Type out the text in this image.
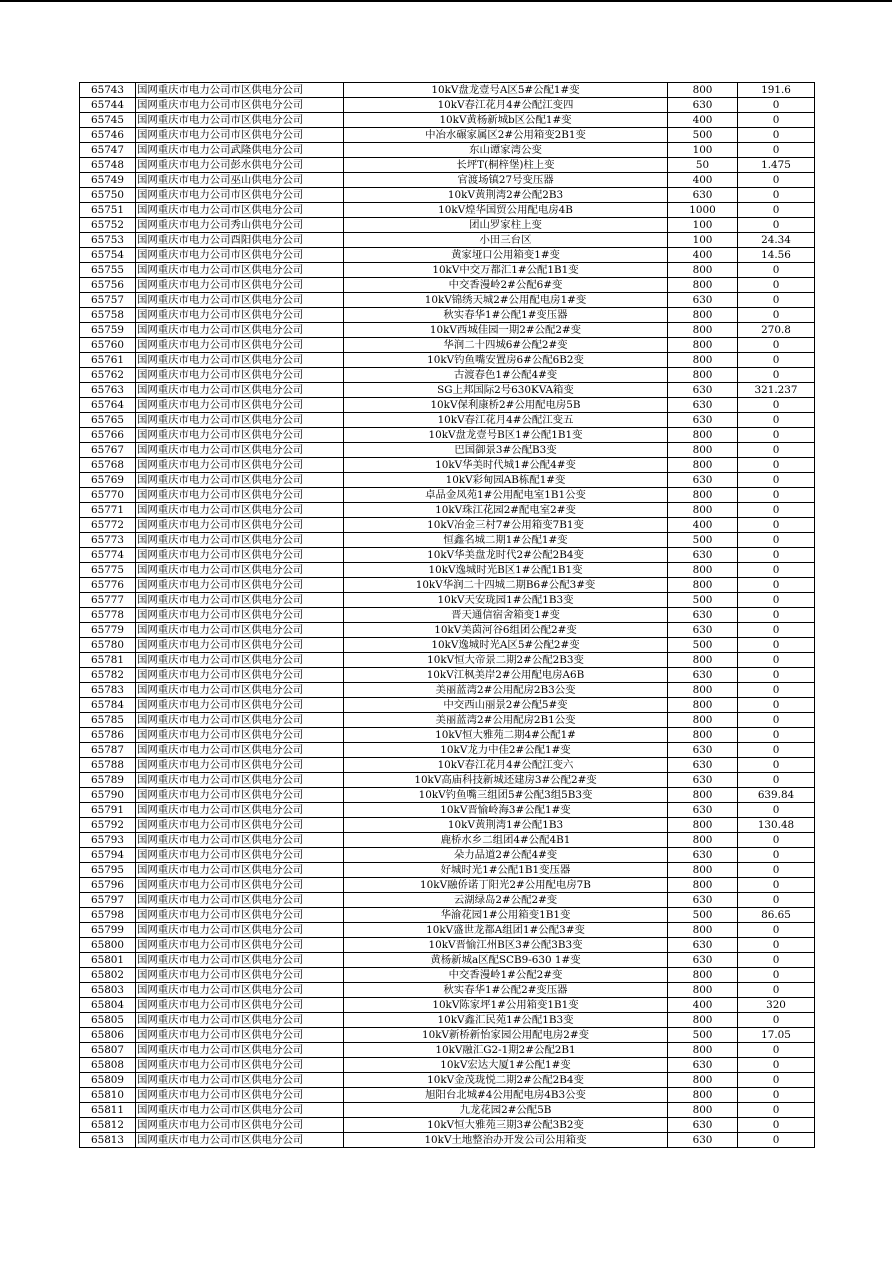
65743	国网重庆市电力公司市区供电分公司	10kV盘龙壹号A区5#公配1#变	800	191.6
65744	国网重庆市电力公司市区供电分公司	10kV春江花月4#公配江变四	630	0
65745	国网重庆市电力公司市区供电分公司	10kV黄杨新城b区公配1#变	400	0
65746	国网重庆市电力公司市区供电分公司	中冶水碾家属区2#公用箱变2B1变	500	0
65747	国网重庆市电力公司武隆供电分公司	东山谭家湾公变	100	0
65748	国网重庆市电力公司彭水供电分公司	长坪T(桐梓堡)柱上变	50	1.475
65749	国网重庆市电力公司巫山供电分公司	官渡场镇27号变压器	400	0
65750	国网重庆市电力公司市区供电分公司	10kV黄荆湾2#公配2B3	630	0
65751	国网重庆市电力公司市区供电分公司	10kV煌华国贸公用配电房4B	1000	0
65752	国网重庆市电力公司秀山供电分公司	团山罗家柱上变	100	0
65753	国网重庆市电力公司酉阳供电分公司	小田三台区	100	24.34
65754	国网重庆市电力公司市区供电分公司	黄家垭口公用箱变1#变	400	14.56
65755	国网重庆市电力公司市区供电分公司	10kV中交万都汇1#公配1B1变	800	0
65756	国网重庆市电力公司市区供电分公司	中交香漫岭2#公配6#变	800	0
65757	国网重庆市电力公司市区供电分公司	10kV锦绣天城2#公用配电房1#变	630	0
65758	国网重庆市电力公司市区供电分公司	秋实春华1#公配1#变压器	800	0
65759	国网重庆市电力公司市区供电分公司	10kV西城佳园一期2#公配2#变	800	270.8
65760	国网重庆市电力公司市区供电分公司	华润二十四城6#公配2#变	800	0
65761	国网重庆市电力公司市区供电分公司	10kV钓鱼嘴安置房6#公配6B2变	800	0
65762	国网重庆市电力公司市区供电分公司	古渡春色1#公配4#变	800	0
65763	国网重庆市电力公司市区供电分公司	SG上邦国际2号630KVA箱变	630	321.237
65764	国网重庆市电力公司市区供电分公司	10kV保利康桥2#公用配电房5B	630	0
65765	国网重庆市电力公司市区供电分公司	10kV春江花月4#公配江变五	630	0
65766	国网重庆市电力公司市区供电分公司	10kV盘龙壹号B区1#公配1B1变	800	0
65767	国网重庆市电力公司市区供电分公司	巴国御景3#公配B3变	800	0
65768	国网重庆市电力公司市区供电分公司	10kV华美时代城1#公配4#变	800	0
65769	国网重庆市电力公司市区供电分公司	10kV彩甸园AB栋配1#变	630	0
65770	国网重庆市电力公司市区供电分公司	卓品金凤苑1#公用配电室1B1公变	800	0
65771	国网重庆市电力公司市区供电分公司	10kV珠江花园2#配电室2#变	800	0
65772	国网重庆市电力公司市区供电分公司	10kV冶金三村7#公用箱变7B1变	400	0
65773	国网重庆市电力公司市区供电分公司	恒鑫名城二期1#公配1#变	500	0
65774	国网重庆市电力公司市区供电分公司	10kV华美盘龙时代2#公配2B4变	630	0
65775	国网重庆市电力公司市区供电分公司	10kV逸城时光B区1#公配1B1变	800	0
65776	国网重庆市电力公司市区供电分公司	10kV华润二十四城二期B6#公配3#变	800	0
65777	国网重庆市电力公司市区供电分公司	10kV天安珑园1#公配1B3变	500	0
65778	国网重庆市电力公司市区供电分公司	晋天通信宿舍箱变1#变	630	0
65779	国网重庆市电力公司市区供电分公司	10kV美茵河谷6组团公配2#变	630	0
65780	国网重庆市电力公司市区供电分公司	10kV逸城时光A区5#公配2#变	500	0
65781	国网重庆市电力公司市区供电分公司	10kV恒大帝景二期2#公配2B3变	800	0
65782	国网重庆市电力公司市区供电分公司	10kV江枫美岸2#公用配电房A6B	630	0
65783	国网重庆市电力公司市区供电分公司	美丽蓝湾2#公用配房2B3公变	800	0
65784	国网重庆市电力公司市区供电分公司	中交西山丽景2#公配5#变	800	0
65785	国网重庆市电力公司市区供电分公司	美丽蓝湾2#公用配房2B1公变	800	0
65786	国网重庆市电力公司市区供电分公司	10kV恒大雅苑二期4#公配1#	800	0
65787	国网重庆市电力公司市区供电分公司	10kV龙力中佳2#公配1#变	630	0
65788	国网重庆市电力公司市区供电分公司	10kV春江花月4#公配江变六	630	0
65789	国网重庆市电力公司市区供电分公司	10kV高庙科技新城还建房3#公配2#变	630	0
65790	国网重庆市电力公司市区供电分公司	10kV钓鱼嘴三组团5#公配3组5B3变	800	639.84
65791	国网重庆市电力公司市区供电分公司	10kV晋愉岭海3#公配1#变	630	0
65792	国网重庆市电力公司市区供电分公司	10kV黄荆湾1#公配1B3	800	130.48
65793	国网重庆市电力公司市区供电分公司	鹿桥水乡二组团4#公配4B1	800	0
65794	国网重庆市电力公司市区供电分公司	朵力品道2#公配4#变	630	0
65795	国网重庆市电力公司市区供电分公司	好城时光1#公配1B1变压器	800	0
65796	国网重庆市电力公司市区供电分公司	10kV融侨诺丁阳光2#公用配电房7B	800	0
65797	国网重庆市电力公司市区供电分公司	云湖绿岛2#公配2#变	630	0
65798	国网重庆市电力公司市区供电分公司	华渝花园1#公用箱变1B1变	500	86.65
65799	国网重庆市电力公司市区供电分公司	10kV盛世龙都A组团1#公配3#变	800	0
65800	国网重庆市电力公司市区供电分公司	10kV晋愉江州B区3#公配3B3变	630	0
65801	国网重庆市电力公司市区供电分公司	黄杨新城a区配SCB9-630 1#变	630	0
65802	国网重庆市电力公司市区供电分公司	中交香漫岭1#公配2#变	800	0
65803	国网重庆市电力公司市区供电分公司	秋实春华1#公配2#变压器	800	0
65804	国网重庆市电力公司市区供电分公司	10kV陈家坪1#公用箱变1B1变	400	320
65805	国网重庆市电力公司市区供电分公司	10kV鑫汇民苑1#公配1B3变	800	0
65806	国网重庆市电力公司市区供电分公司	10kV新桥新怡家园公用配电房2#变	500	17.05
65807	国网重庆市电力公司市区供电分公司	10kV融汇G2-1期2#公配2B1	800	0
65808	国网重庆市电力公司市区供电分公司	10kV宏达大厦1#公配1#变	630	0
65809	国网重庆市电力公司市区供电分公司	10kV金茂珑悦二期2#公配2B4变	800	0
65810	国网重庆市电力公司市区供电分公司	旭阳台北城#4公用配电房4B3公变	800	0
65811	国网重庆市电力公司市区供电分公司	九龙花园2#公配5B	800	0
65812	国网重庆市电力公司市区供电分公司	10kV恒大雅苑三期3#公配3B2变	630	0
65813	国网重庆市电力公司市区供电分公司	10kV土地整治办开发公司公用箱变	630	0
